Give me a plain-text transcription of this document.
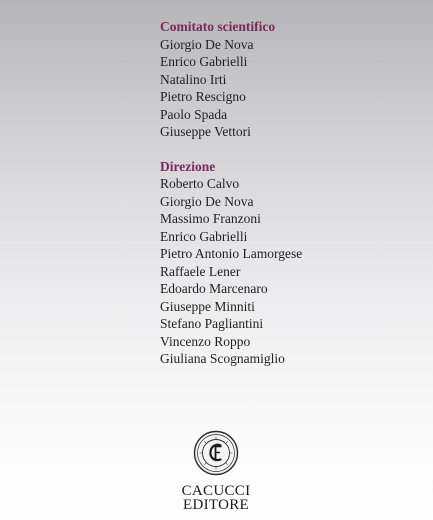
Comitato scientifico
Giorgio De Nova
Enrico Gabrielli
Natalino Irti
Pietro Rescigno
Paolo Spada
Giuseppe Vettori
Direzione
Roberto Calvo
Giorgio De Nova
Massimo Franzoni
Enrico Gabrielli
Pietro Antonio Lamorgese
Raffaele Lener
Edoardo Marcenaro
Giuseppe Minniti
Stefano Pagliantini
Vincenzo Roppo
Giuliana Scognamiglio
CACUCCI
EDITORE
